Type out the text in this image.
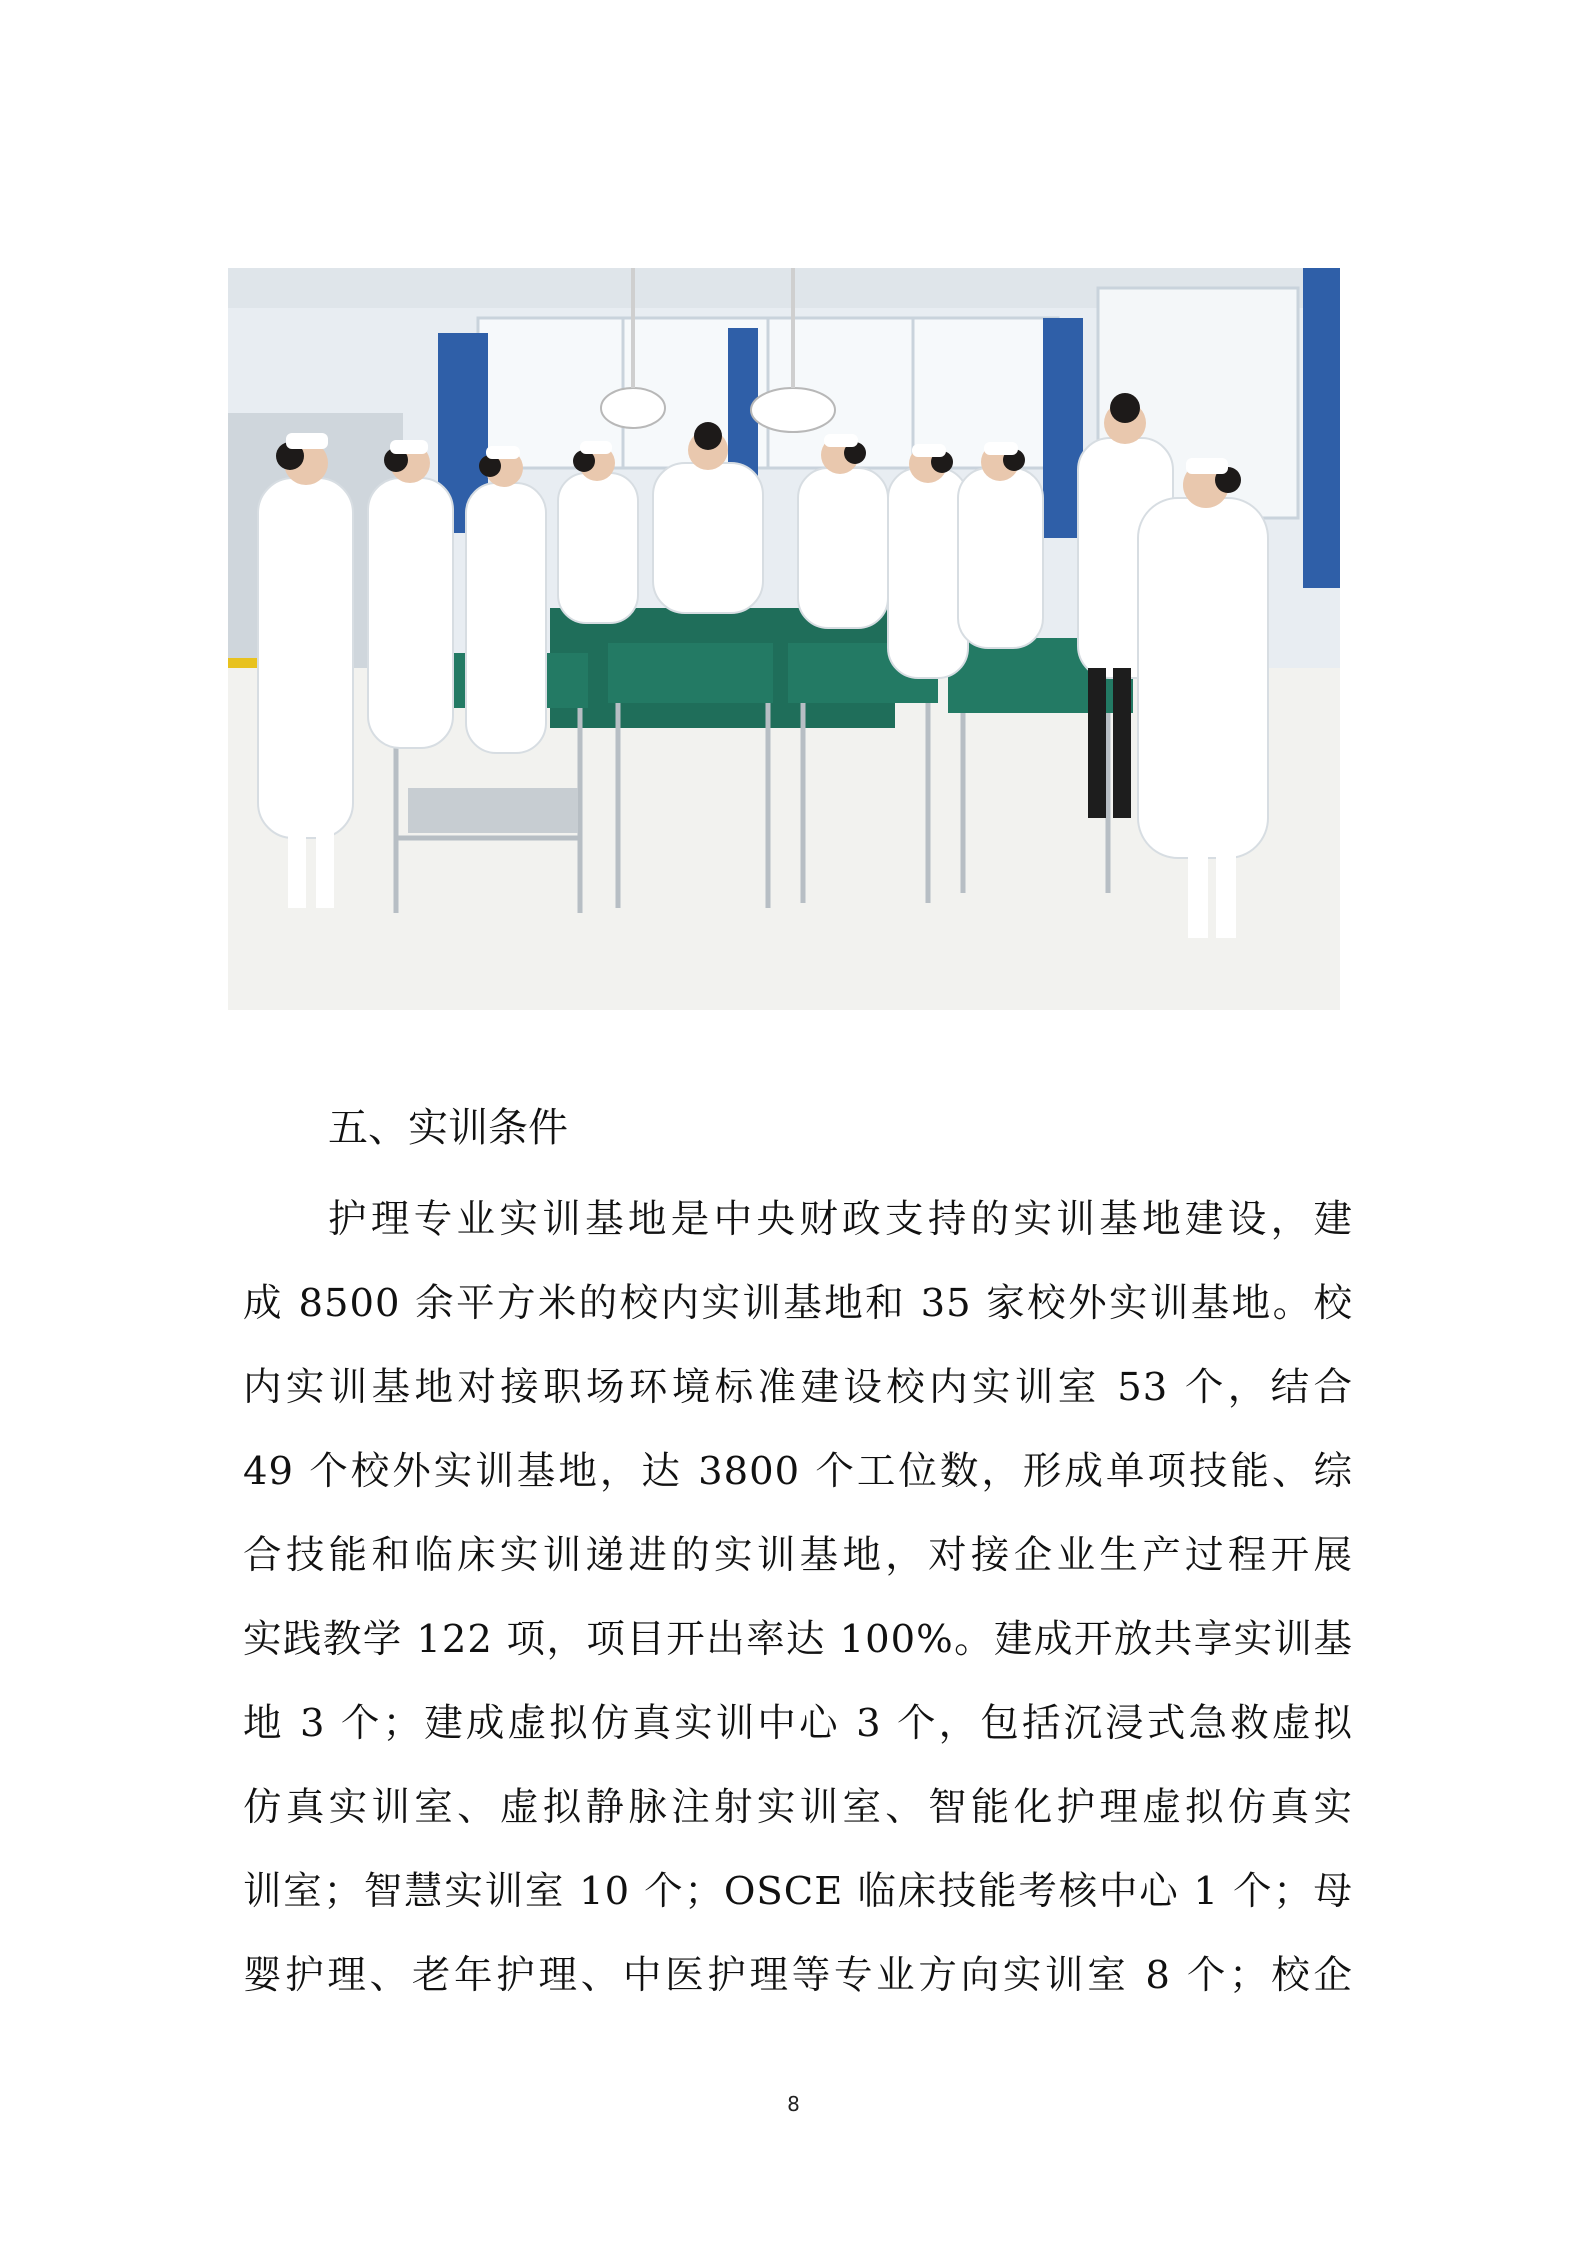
五、实训条件
护理专业实训基地是中央财政支持的实训基地建设，建
成 8500 余平方米的校内实训基地和 35 家校外实训基地。校
内实训基地对接职场环境标准建设校内实训室 53 个，结合
49 个校外实训基地，达 3800 个工位数，形成单项技能、综
合技能和临床实训递进的实训基地，对接企业生产过程开展
实践教学 122 项，项目开出率达 100%。建成开放共享实训基
地 3 个；建成虚拟仿真实训中心 3 个，包括沉浸式急救虚拟
仿真实训室、虚拟静脉注射实训室、智能化护理虚拟仿真实
训室；智慧实训室 10 个；OSCE 临床技能考核中心 1 个；母
婴护理、老年护理、中医护理等专业方向实训室 8 个；校企
8
